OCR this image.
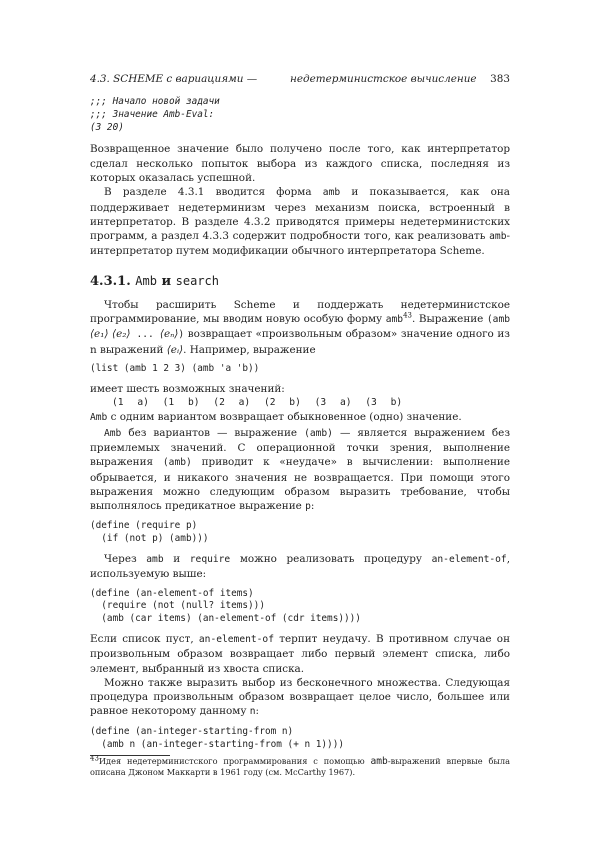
4.3. SCHEME с вариациями —	недетерминистское вычисление 383
;;; Начало новой задачи
;;; Значение Amb-Eval:
(3 20)

Возвращенное значение было получено после того, как интерпретатор сделал несколько попыток выбора из каждого списка, последняя из которых оказалась успешной.

В разделе 4.3.1 вводится форма amb и показывается, как она поддерживает недетерминизм через механизм поиска, встроенный в интерпретатор. В разделе 4.3.2 приводятся примеры недетерминистских программ, а раздел 4.3.3 содержит подробности того, как реализовать amb-интерпретатор путем модификации обычного интерпретатора Scheme.

4.3.1. Amb и search

Чтобы расширить Scheme и поддержать недетерминистское программирование, мы вводим новую особую форму amb$^{43}$. Выражение (amb ⟨e₁⟩ ⟨e₂⟩ ... ⟨eₙ⟩) возвращает «произвольным образом» значение одного из n выражений ⟨eᵢ⟩. Например, выражение

(list (amb 1 2 3) (amb 'a 'b))

имеет шесть возможных значений:

(1 a) (1 b) (2 a) (2 b) (3 a) (3 b)

Amb с одним вариантом возвращает обыкновенное (одно) значение.

Amb без вариантов — выражение (amb) — является выражением без приемлемых значений. С операционной точки зрения, выполнение выражения (amb) приводит к «неудаче» в вычислении: выполнение обрывается, и никакого значения не возвращается. При помощи этого выражения можно следующим образом выразить требование, чтобы выполнялось предикатное выражение p:

(define (require p)
(if (not p) (amb)))

Через amb и require можно реализовать процедуру an-element-of, используемую выше:

(define (an-element-of items)
(require (not (null? items)))
(amb (car items) (an-element-of (cdr items))))

Если список пуст, an-element-of терпит неудачу. В противном случае он произвольным образом возвращает либо первый элемент списка, либо элемент, выбранный из хвоста списка.

Можно также выразить выбор из бесконечного множества. Следующая процедура произвольным образом возвращает целое число, большее или равное некоторому данному n:

(define (an-integer-starting-from n)
(amb n (an-integer-starting-from (+ n 1))))

$^{43}$Идея недетерминистского программирования с помощью amb-выражений впервые была описана Джоном Маккарти в 1961 году (см. McCarthy 1967).
